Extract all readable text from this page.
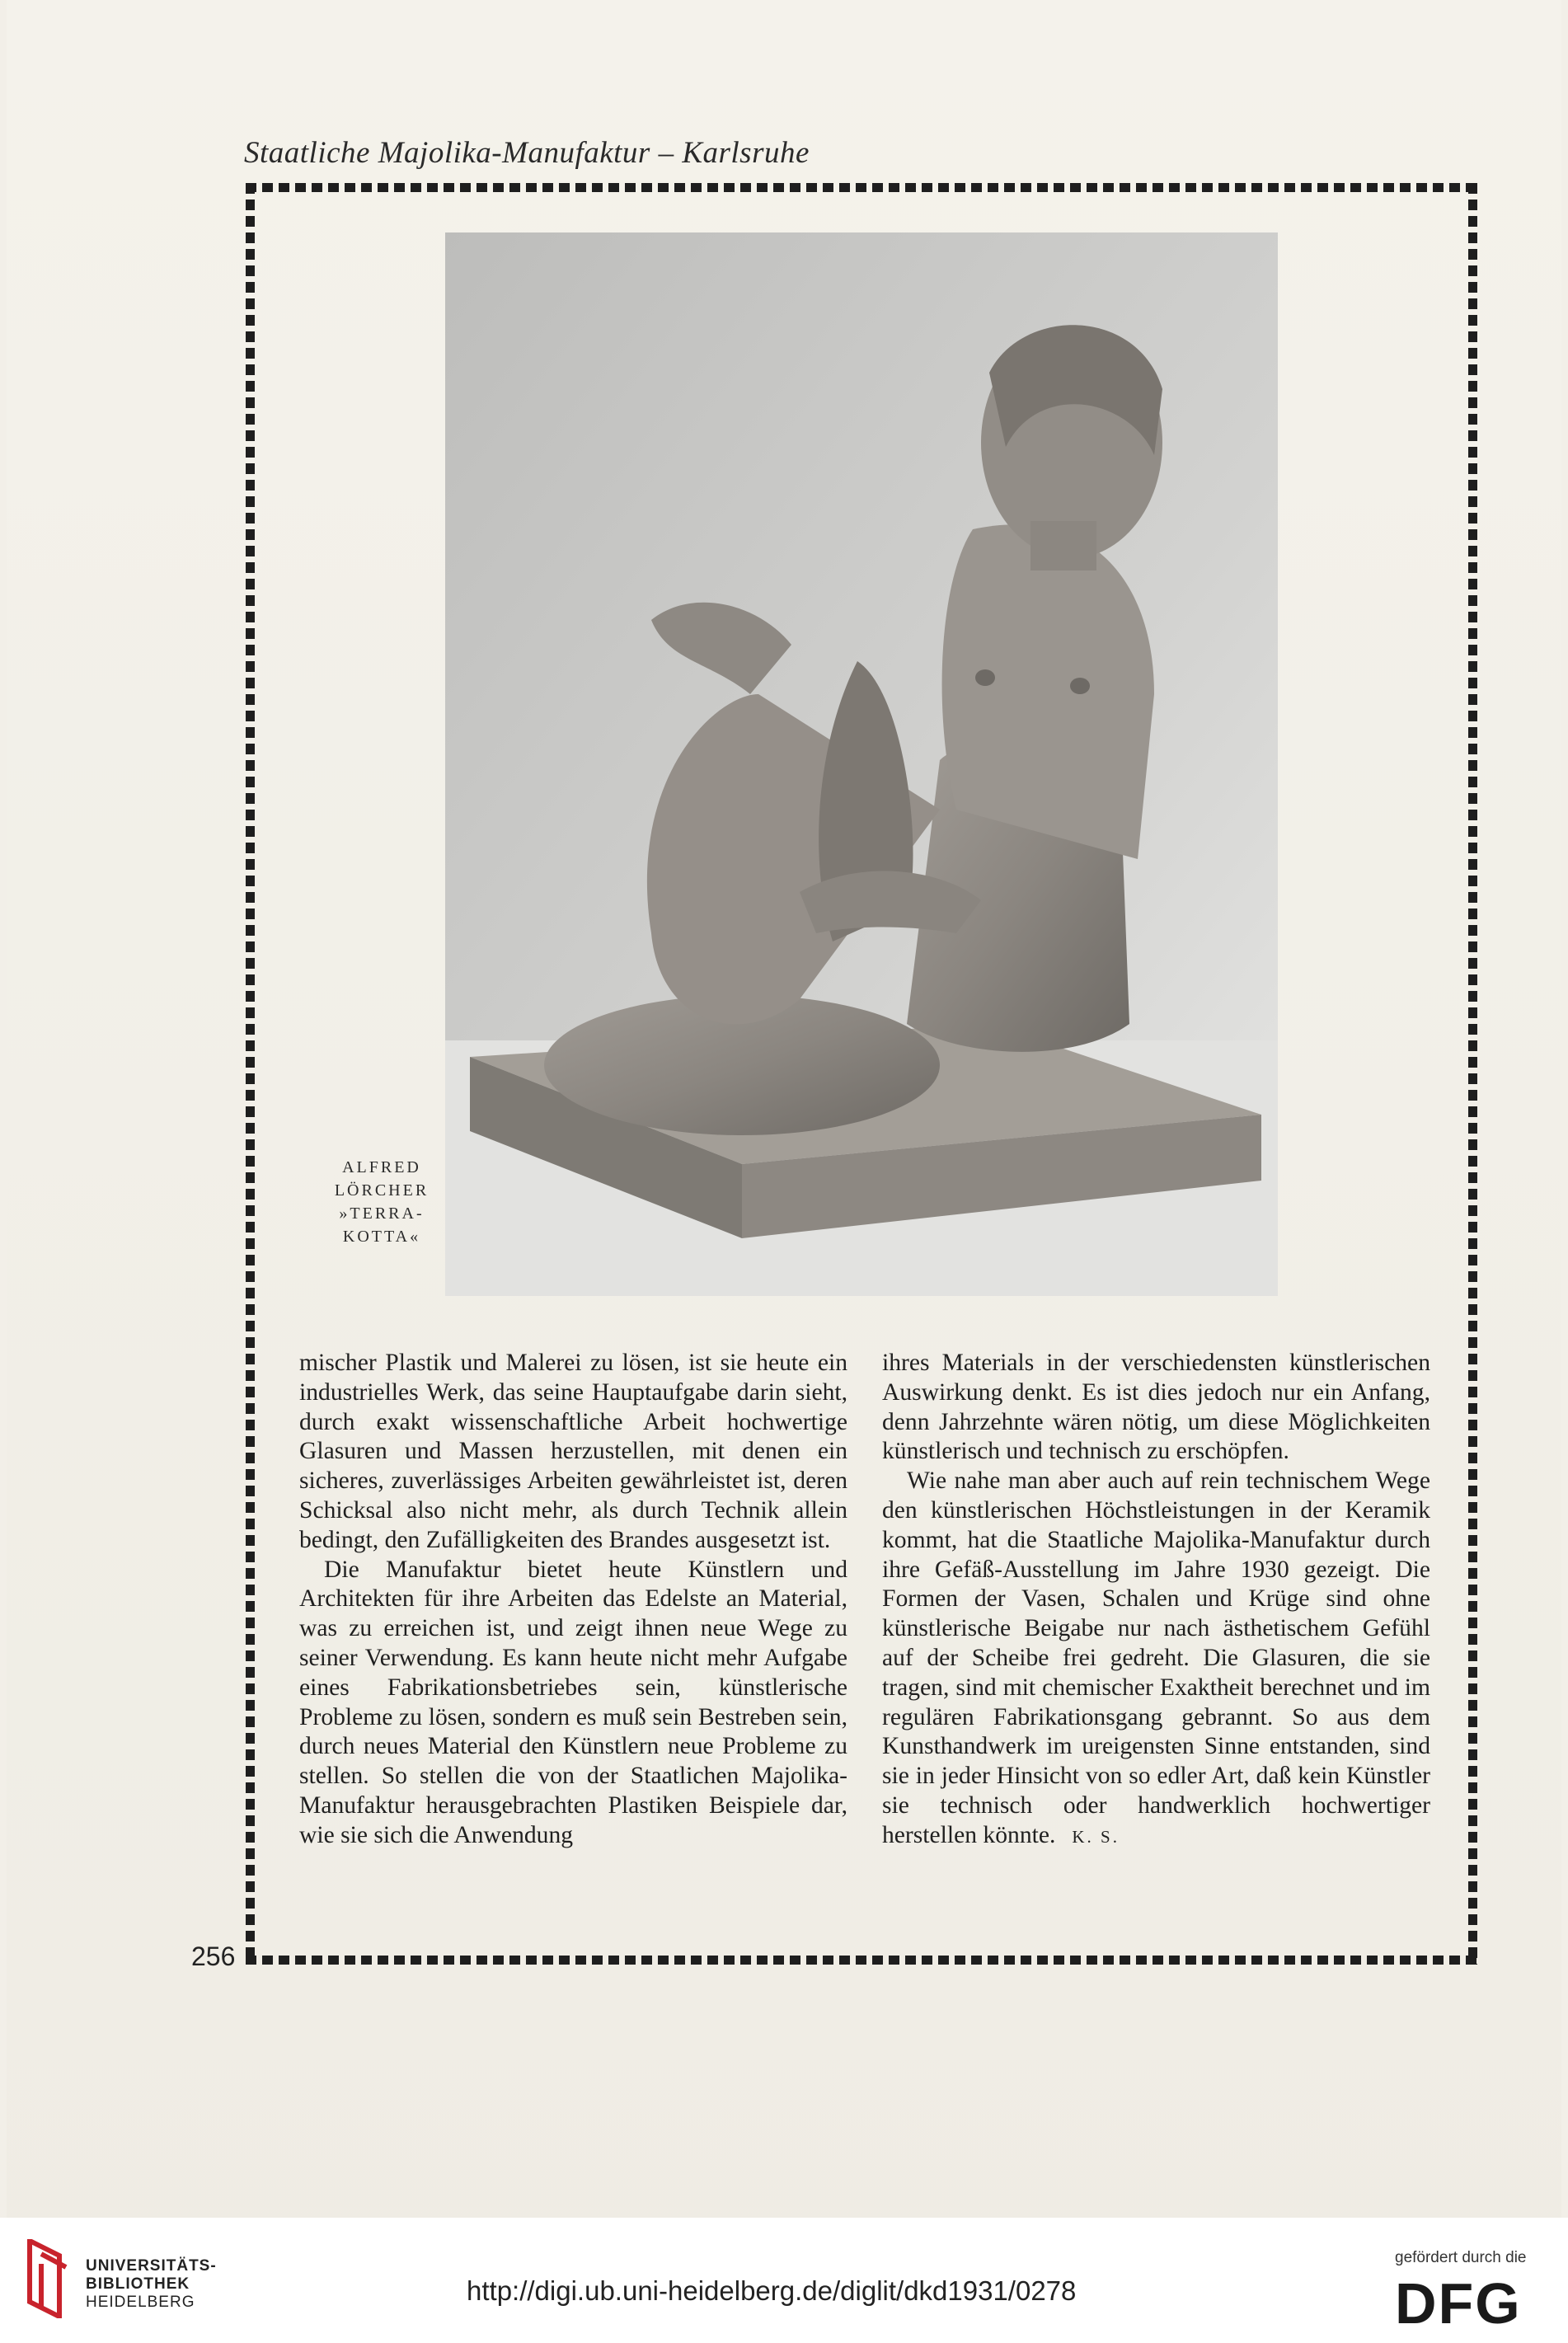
Staatliche Majolika-Manufaktur – Karlsruhe
ALFRED
LÖRCHER
»TERRA-
KOTTA«

mischer Plastik und Malerei zu lösen, ist sie heute ein industrielles Werk, das seine Hauptaufgabe darin sieht, durch exakt wissenschaftliche Arbeit hochwertige Glasuren und Massen herzustellen, mit denen ein sicheres, zuverlässiges Arbeiten gewährleistet ist, deren Schicksal also nicht mehr, als durch Technik allein bedingt, den Zufälligkeiten des Brandes ausgesetzt ist.

Die Manufaktur bietet heute Künstlern und Architekten für ihre Arbeiten das Edelste an Material, was zu erreichen ist, und zeigt ihnen neue Wege zu seiner Verwendung. Es kann heute nicht mehr Aufgabe eines Fabrikationsbetriebes sein, künstlerische Probleme zu lösen, sondern es muß sein Bestreben sein, durch neues Material den Künstlern neue Probleme zu stellen. So stellen die von der Staatlichen Majolika-Manufaktur herausgebrachten Plastiken Beispiele dar, wie sie sich die Anwendung

ihres Materials in der verschiedensten künstlerischen Auswirkung denkt. Es ist dies jedoch nur ein Anfang, denn Jahrzehnte wären nötig, um diese Möglichkeiten künstlerisch und technisch zu erschöpfen.

Wie nahe man aber auch auf rein technischem Wege den künstlerischen Höchstleistungen in der Keramik kommt, hat die Staatliche Majolika-Manufaktur durch ihre Gefäß-Ausstellung im Jahre 1930 gezeigt. Die Formen der Vasen, Schalen und Krüge sind ohne künstlerische Beigabe nur nach ästhetischem Gefühl auf der Scheibe frei gedreht. Die Glasuren, die sie tragen, sind mit chemischer Exaktheit berechnet und im regulären Fabrikationsgang gebrannt. So aus dem Kunsthandwerk im ureigensten Sinne entstanden, sind sie in jeder Hinsicht von so edler Art, daß kein Künstler sie technisch oder handwerklich hochwertiger herstellen könnte. K. S.

256
UNIVERSITÄTS-
BIBLIOTHEK
HEIDELBERG	http://digi.ub.uni-heidelberg.de/diglit/dkd1931/0278
gefördert durch die
DFG
